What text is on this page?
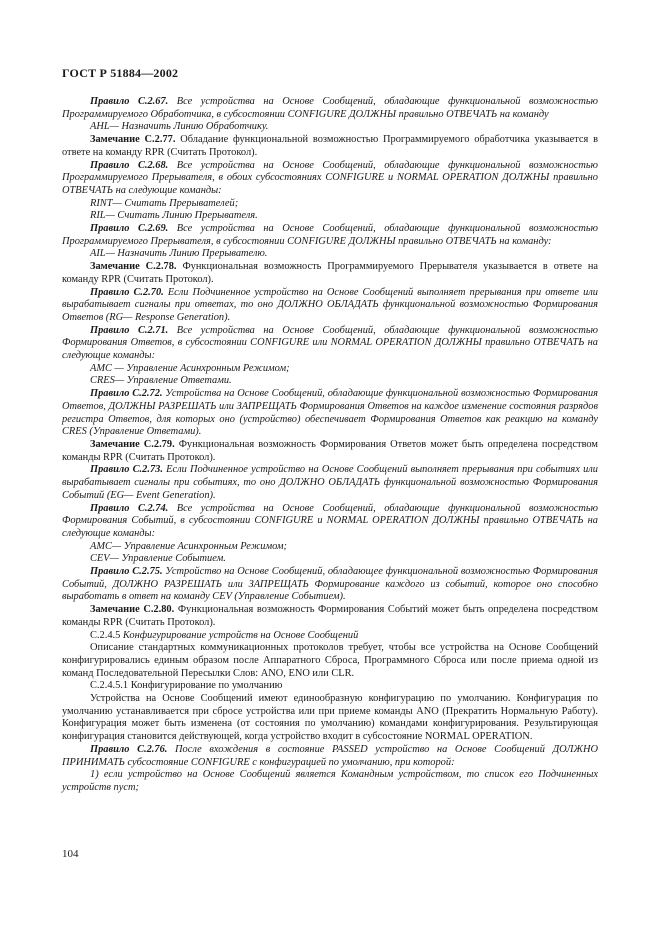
ГОСТ Р 51884—2002

Правило С.2.67. Все устройства на Основе Сообщений, обладающие функциональной возможностью Программируемого Обработчика, в субсостоянии CONFIGURE ДОЛЖНЫ правильно ОТВЕЧАТЬ на команду

AHL— Назначить Линию Обработчику.

Замечание С.2.77. Обладание функциональной возможностью Программируемого обработчика указывается в ответе на команду RPR (Считать Протокол).

Правило С.2.68. Все устройства на Основе Сообщений, обладающие функциональной возможностью Программируемого Прерывателя, в обоих субсостояниях CONFIGURE и NORMAL OPERATION ДОЛЖНЫ правильно ОТВЕЧАТЬ на следующие команды:

RINT— Считать Прерывателей;

RIL— Считать Линию Прерывателя.

Правило С.2.69. Все устройства на Основе Сообщений, обладающие функциональной возможностью Программируемого Прерывателя, в субсостоянии CONFIGURE ДОЛЖНЫ правильно ОТВЕЧАТЬ на команду:

AIL— Назначить Линию Прерывателю.

Замечание С.2.78. Функциональная возможность Программируемого Прерывателя указывается в ответе на команду RPR (Считать Протокол).

Правило С.2.70. Если Подчиненное устройство на Основе Сообщений выполняет прерывания при ответе или вырабатывает сигналы при ответах, то оно ДОЛЖНО ОБЛАДАТЬ функциональной возможностью Формирования Ответов (RG— Response Generation).

Правило С.2.71. Все устройства на Основе Сообщений, обладающие функциональной возможностью Формирования Ответов, в субсостоянии CONFIGURE или NORMAL OPERATION ДОЛЖНЫ правильно ОТВЕЧАТЬ на следующие команды:

АМС — Управление Асинхронным Режимом;

CRES— Управление Ответами.

Правило С.2.72. Устройства на Основе Сообщений, обладающие функциональной возможностью Формирования Ответов, ДОЛЖНЫ РАЗРЕШАТЬ или ЗАПРЕЩАТЬ Формирования Ответов на каждое изменение состояния разрядов регистра Ответов, для которых оно (устройство) обеспечивает Формирования Ответов как реакцию на команду CRES (Управление Ответами).

Замечание С.2.79. Функциональная возможность Формирования Ответов может быть определена посредством команды RPR (Считать Протокол).

Правило С.2.73. Если Подчиненное устройство на Основе Сообщений выполняет прерывания при событиях или вырабатывает сигналы при событиях, то оно ДОЛЖНО ОБЛАДАТЬ функциональной возможностью Формирования Событий (EG— Event Generation).

Правило С.2.74. Все устройства на Основе Сообщений, обладающие функциональной возможностью Формирования Событий, в субсостоянии CONFIGURE и NORMAL OPERATION ДОЛЖНЫ правильно ОТВЕЧАТЬ на следующие команды:

АМС— Управление Асинхронным Режимом;

CEV— Управление Событием.

Правило С.2.75. Устройство на Основе Сообщений, обладающее функциональной возможностью Формирования Событий, ДОЛЖНО РАЗРЕШАТЬ или ЗАПРЕЩАТЬ Формирование каждого из событий, которое оно способно выработать в ответ на команду CEV (Управление Событием).

Замечание С.2.80. Функциональная возможность Формирования Событий может быть определена посредством команды RPR (Считать Протокол).

С.2.4.5 Конфигурирование устройств на Основе Сообщений

Описание стандартных коммуникационных протоколов требует, чтобы все устройства на Основе Сообщений конфигурировались единым образом после Аппаратного Сброса, Программного Сброса или после приема одной из команд Последовательной Пересылки Слов: ANO, ENO или CLR.

С.2.4.5.1 Конфигурирование по умолчанию

Устройства на Основе Сообщений имеют единообразную конфигурацию по умолчанию. Конфигурация по умолчанию устанавливается при сбросе устройства или при приеме команды ANO (Прекратить Нормальную Работу). Конфигурация может быть изменена (от состояния по умолчанию) командами конфигурирования. Результирующая конфигурация становится действующей, когда устройство входит в субсостояние NORMAL OPERATION.

Правило С.2.76. После вхождения в состояние PASSED устройство на Основе Сообщений ДОЛЖНО ПРИНИМАТЬ субсостояние CONFIGURE с конфигурацией по умолчанию, при которой:

1) если устройство на Основе Сообщений является Командным устройством, то список его Подчиненных устройств пуст;

104
